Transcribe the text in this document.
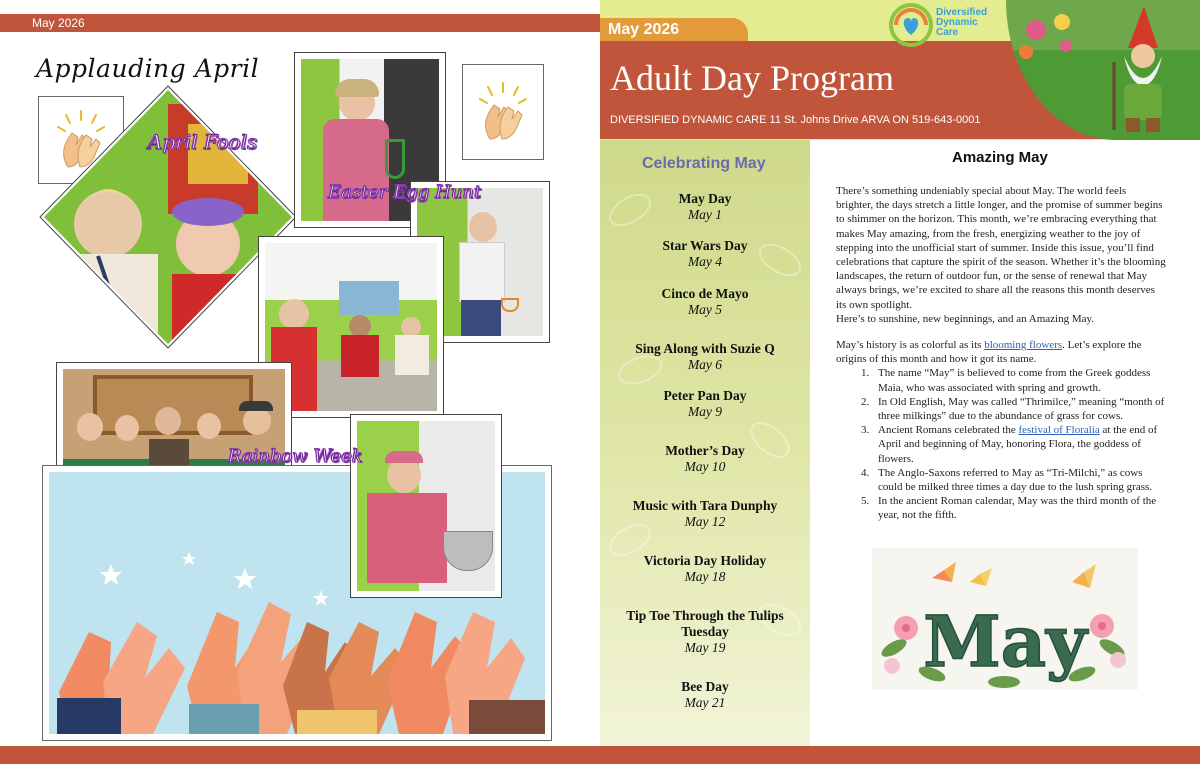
May 2026
Applauding April
April Fools
Easter Egg Hunt
Rainbow Week
May 2026
Adult Day Program
DIVERSIFIED DYNAMIC CARE 11 St. Johns Drive ARVA ON 519-643-0001
Diversified
Dynamic
Care
Celebrating May
May Day
May 1
Star Wars Day
May 4
Cinco de Mayo
May 5
Sing Along with Suzie Q
May 6
Peter Pan Day
May 9
Mother’s Day
May 10
Music with Tara Dunphy
May 12
Victoria Day Holiday
May 18
Tip Toe Through the Tulips Tuesday
May 19
Bee Day
May 21
Amazing May

There’s something undeniably special about May. The world feels brighter, the days stretch a little longer, and the promise of summer begins to shimmer on the horizon. This month, we’re embracing everything that makes May amazing, from the fresh, energizing weather to the joy of stepping into the unofficial start of summer. Inside this issue, you’ll find celebrations that capture the spirit of the season. Whether it’s the blooming landscapes, the return of outdoor fun, or the sense of renewal that May always brings, we’re excited to share all the reasons this month deserves its own spotlight.

Here’s to sunshine, new beginnings, and an Amazing May.

May’s history is as colorful as its blooming flowers. Let’s explore the origins of this month and how it got its name.

1. The name “May” is believed to come from the Greek goddess Maia, who was associated with spring and growth.
2. In Old English, May was called “Thrimilce,” meaning “month of three milkings” due to the abundance of grass for cows.
3. Ancient Romans celebrated the festival of Floralia at the end of April and beginning of May, honoring Flora, the goddess of flowers.
4. The Anglo-Saxons referred to May as “Tri-Milchi,” as cows could be milked three times a day due to the lush spring grass.
5. In the ancient Roman calendar, May was the third month of the year, not the fifth.
May
